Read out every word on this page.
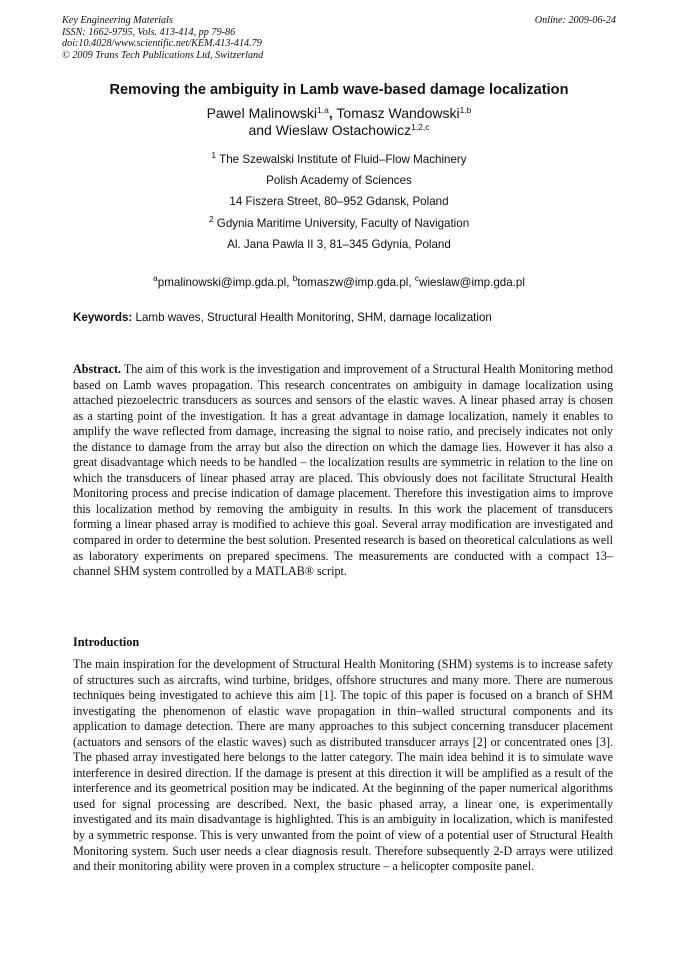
Key Engineering Materials
ISSN: 1662-9795, Vols. 413-414, pp 79-86
doi:10.4028/www.scientific.net/KEM.413-414.79
© 2009 Trans Tech Publications Ltd, Switzerland
Online: 2009-06-24
Removing the ambiguity in Lamb wave-based damage localization
Pawel Malinowski$^{1,a}$, Tomasz Wandowski$^{1,b}$
and Wieslaw Ostachowicz$^{1,2,c}$
$^1$ The Szewalski Institute of Fluid–Flow Machinery
Polish Academy of Sciences
14 Fiszera Street, 80–952 Gdansk, Poland
$^2$ Gdynia Maritime University, Faculty of Navigation
Al. Jana Pawla II 3, 81–345 Gdynia, Poland
$^a$pmalinowski@imp.gda.pl, $^b$tomaszw@imp.gda.pl, $^c$wieslaw@imp.gda.pl
Keywords: Lamb waves, Structural Health Monitoring, SHM, damage localization
Abstract. The aim of this work is the investigation and improvement of a Structural Health Monitoring method based on Lamb waves propagation. This research concentrates on ambiguity in damage localization using attached piezoelectric transducers as sources and sensors of the elastic waves. A linear phased array is chosen as a starting point of the investigation. It has a great advantage in damage localization, namely it enables to amplify the wave reflected from damage, increasing the signal to noise ratio, and precisely indicates not only the distance to damage from the array but also the direction on which the damage lies. However it has also a great disadvantage which needs to be handled – the localization results are symmetric in relation to the line on which the transducers of linear phased array are placed. This obviously does not facilitate Structural Health Monitoring process and precise indication of damage placement. Therefore this investigation aims to improve this localization method by removing the ambiguity in results. In this work the placement of transducers forming a linear phased array is modified to achieve this goal. Several array modification are investigated and compared in order to determine the best solution. Presented research is based on theoretical calculations as well as laboratory experiments on prepared specimens. The measurements are conducted with a compact 13–channel SHM system controlled by a MATLAB® script.
Introduction
The main inspiration for the development of Structural Health Monitoring (SHM) systems is to increase safety of structures such as aircrafts, wind turbine, bridges, offshore structures and many more. There are numerous techniques being investigated to achieve this aim [1]. The topic of this paper is focused on a branch of SHM investigating the phenomenon of elastic wave propagation in thin–walled structural components and its application to damage detection. There are many approaches to this subject concerning transducer placement (actuators and sensors of the elastic waves) such as distributed transducer arrays [2] or concentrated ones [3]. The phased array investigated here belongs to the latter category. The main idea behind it is to simulate wave interference in desired direction. If the damage is present at this direction it will be amplified as a result of the interference and its geometrical position may be indicated. At the beginning of the paper numerical algorithms used for signal processing are described. Next, the basic phased array, a linear one, is experimentally investigated and its main disadvantage is highlighted. This is an ambiguity in localization, which is manifested by a symmetric response. This is very unwanted from the point of view of a potential user of Structural Health Monitoring system. Such user needs a clear diagnosis result. Therefore subsequently 2-D arrays were utilized and their monitoring ability were proven in a complex structure – a helicopter composite panel.
